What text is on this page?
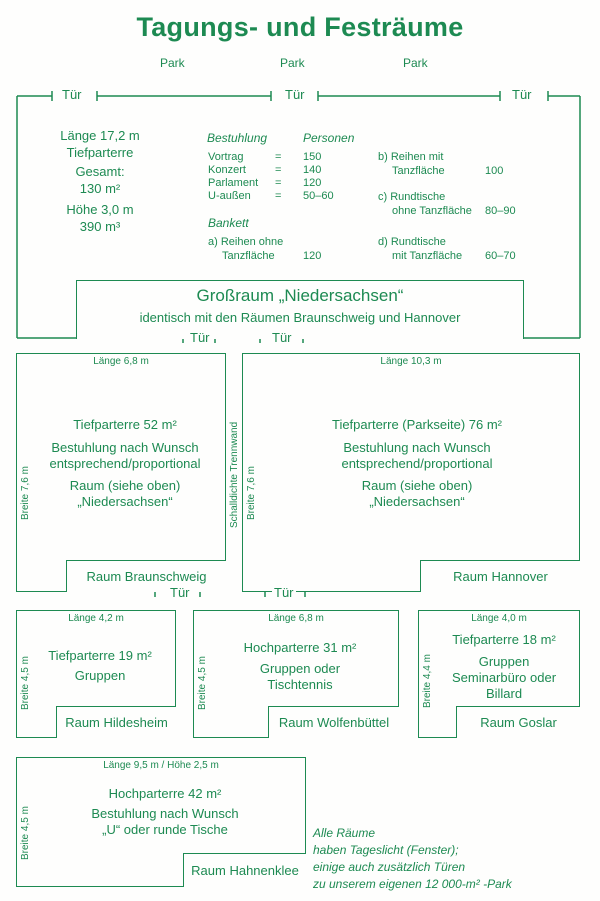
Tagungs- und Festräume
Park	Park	Park
Tür	Tür	Tür
Länge 17,2 m
Tiefparterre
Gesamt:
130 m²
Höhe 3,0 m
390 m³
Bestuhlung	Personen
Vortrag	= 150
Konzert	= 140
Parlament = 120
U-außen = 50–60
Bankett
a) Reihen ohne
Tanzfläche	120
b) Reihen mit
Tanzfläche	100
c) Rundtische
ohne Tanzfläche 80–90
d) Rundtische
mit Tanzfläche 60–70
Großraum „Niedersachsen“
identisch mit den Räumen Braunschweig und Hannover
Tür	Tür
Länge 6,8 m
Breite 7,6 m
Tiefparterre 52 m²
Bestuhlung nach Wunsch
entsprechend/proportional
Raum (siehe oben)
„Niedersachsen“
Raum Braunschweig
Tür
Schalldichte Trennwand
Länge 10,3 m
Breite 7,6 m
Tiefparterre (Parkseite) 76 m²
Bestuhlung nach Wunsch
entsprechend/proportional
Raum (siehe oben)
„Niedersachsen“
Raum Hannover
Tür
Länge 4,2 m
Breite 4,5 m
Tiefparterre 19 m²
Gruppen
Raum Hildesheim
Länge 6,8 m
Breite 4,5 m
Hochparterre 31 m²
Gruppen oder
Tischtennis
Raum Wolfenbüttel
Länge 4,0 m
Breite 4,4 m
Tiefparterre 18 m²
Gruppen
Seminarbüro oder
Billard
Raum Goslar
Länge 9,5 m / Höhe 2,5 m
Breite 4,5 m
Hochparterre 42 m²
Bestuhlung nach Wunsch
„U“ oder runde Tische
Raum Hahnenklee
Alle Räume
haben Tageslicht (Fenster);
einige auch zusätzlich Türen
zu unserem eigenen 12 000-m² -Park
